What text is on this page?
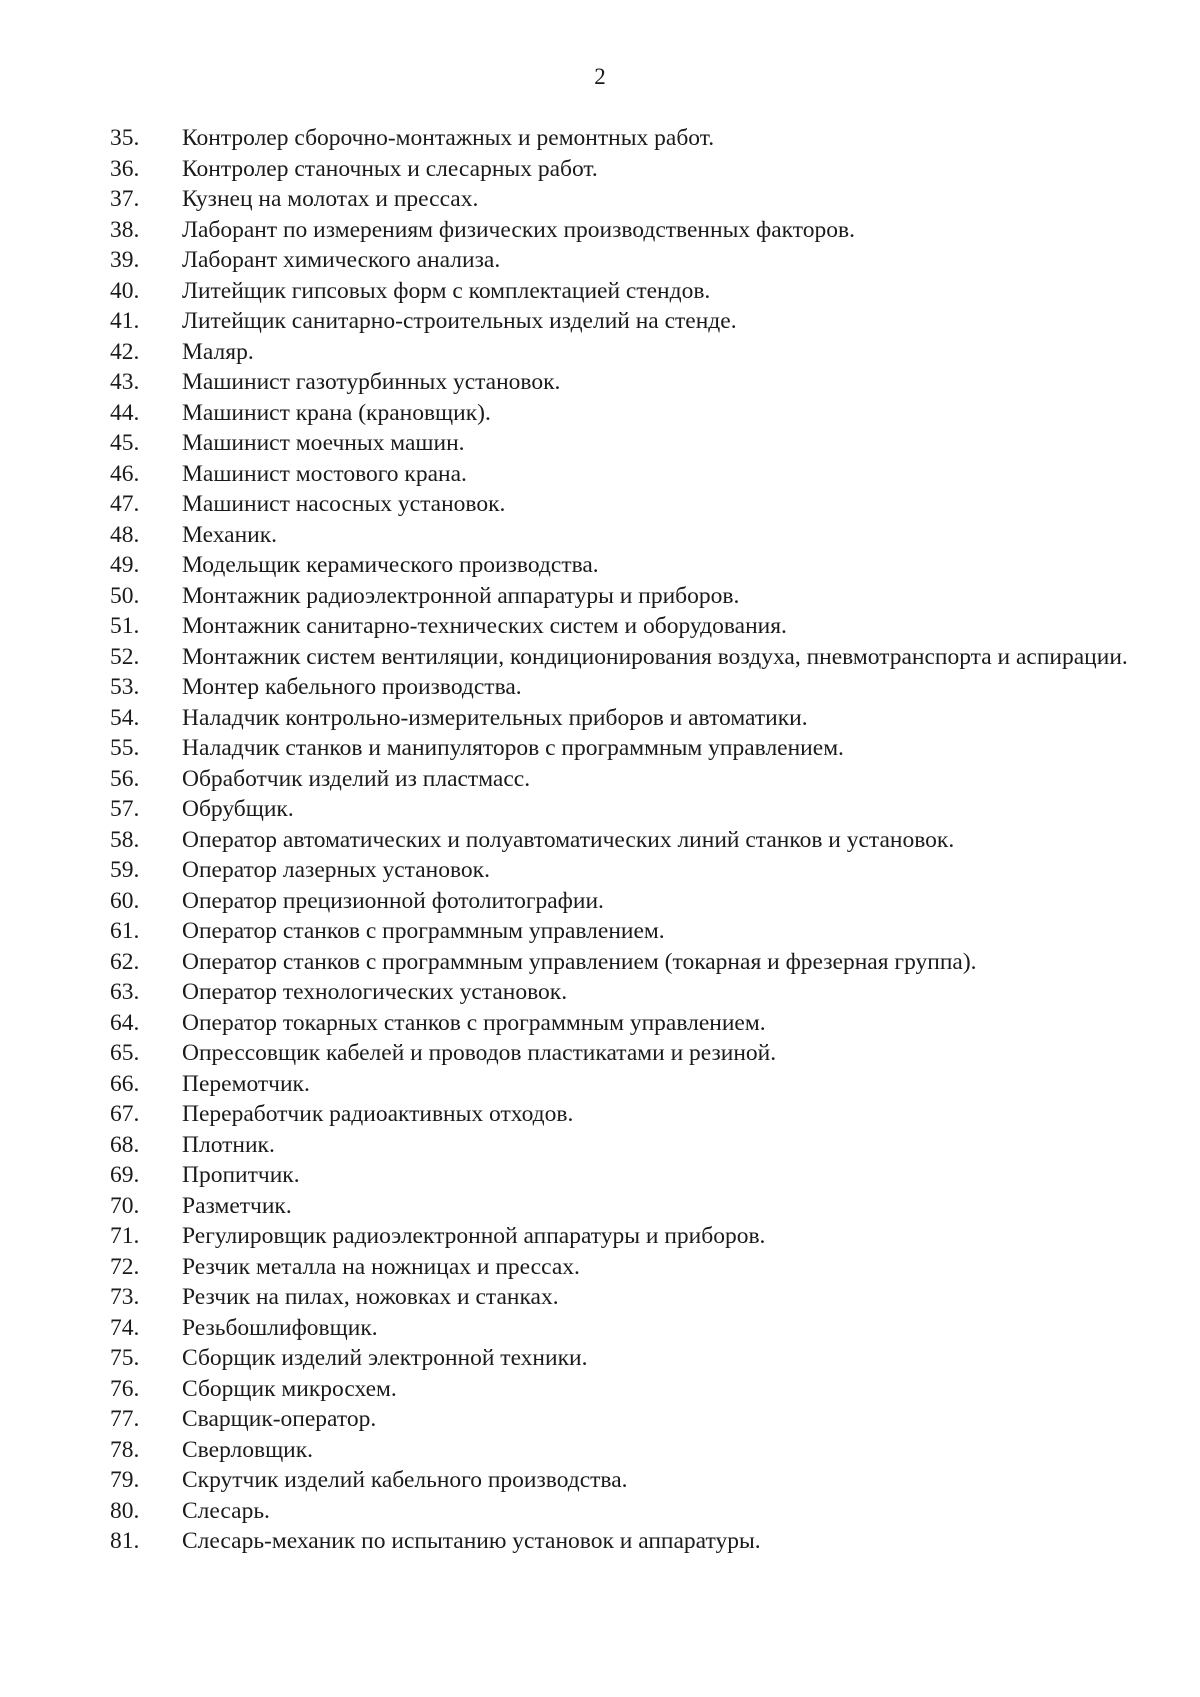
2
35.	Контролер сборочно-монтажных и ремонтных работ.
36.	Контролер станочных и слесарных работ.
37.	Кузнец на молотах и прессах.
38.	Лаборант по измерениям физических производственных факторов.
39.	Лаборант химического анализа.
40.	Литейщик гипсовых форм с комплектацией стендов.
41.	Литейщик санитарно-строительных изделий на стенде.
42.	Маляр.
43.	Машинист газотурбинных установок.
44.	Машинист крана (крановщик).
45.	Машинист моечных машин.
46.	Машинист мостового крана.
47.	Машинист насосных установок.
48.	Механик.
49.	Модельщик керамического производства.
50.	Монтажник радиоэлектронной аппаратуры и приборов.
51.	Монтажник санитарно-технических систем и оборудования.
52.	Монтажник систем вентиляции, кондиционирования воздуха, пневмотранспорта и аспирации.
53.	Монтер кабельного производства.
54.	Наладчик контрольно-измерительных приборов и автоматики.
55.	Наладчик станков и манипуляторов с программным управлением.
56.	Обработчик изделий из пластмасс.
57.	Обрубщик.
58.	Оператор автоматических и полуавтоматических линий станков и установок.
59.	Оператор лазерных установок.
60.	Оператор прецизионной фотолитографии.
61.	Оператор станков с программным управлением.
62.	Оператор станков с программным управлением (токарная и фрезерная группа).
63.	Оператор технологических установок.
64.	Оператор токарных станков с программным управлением.
65.	Опрессовщик кабелей и проводов пластикатами и резиной.
66.	Перемотчик.
67.	Переработчик радиоактивных отходов.
68.	Плотник.
69.	Пропитчик.
70.	Разметчик.
71.	Регулировщик радиоэлектронной аппаратуры и приборов.
72.	Резчик металла на ножницах и прессах.
73.	Резчик на пилах, ножовках и станках.
74.	Резьбошлифовщик.
75.	Сборщик изделий электронной техники.
76.	Сборщик микросхем.
77.	Сварщик-оператор.
78.	Сверловщик.
79.	Скрутчик изделий кабельного производства.
80.	Слесарь.
81.	Слесарь-механик по испытанию установок и аппаратуры.
